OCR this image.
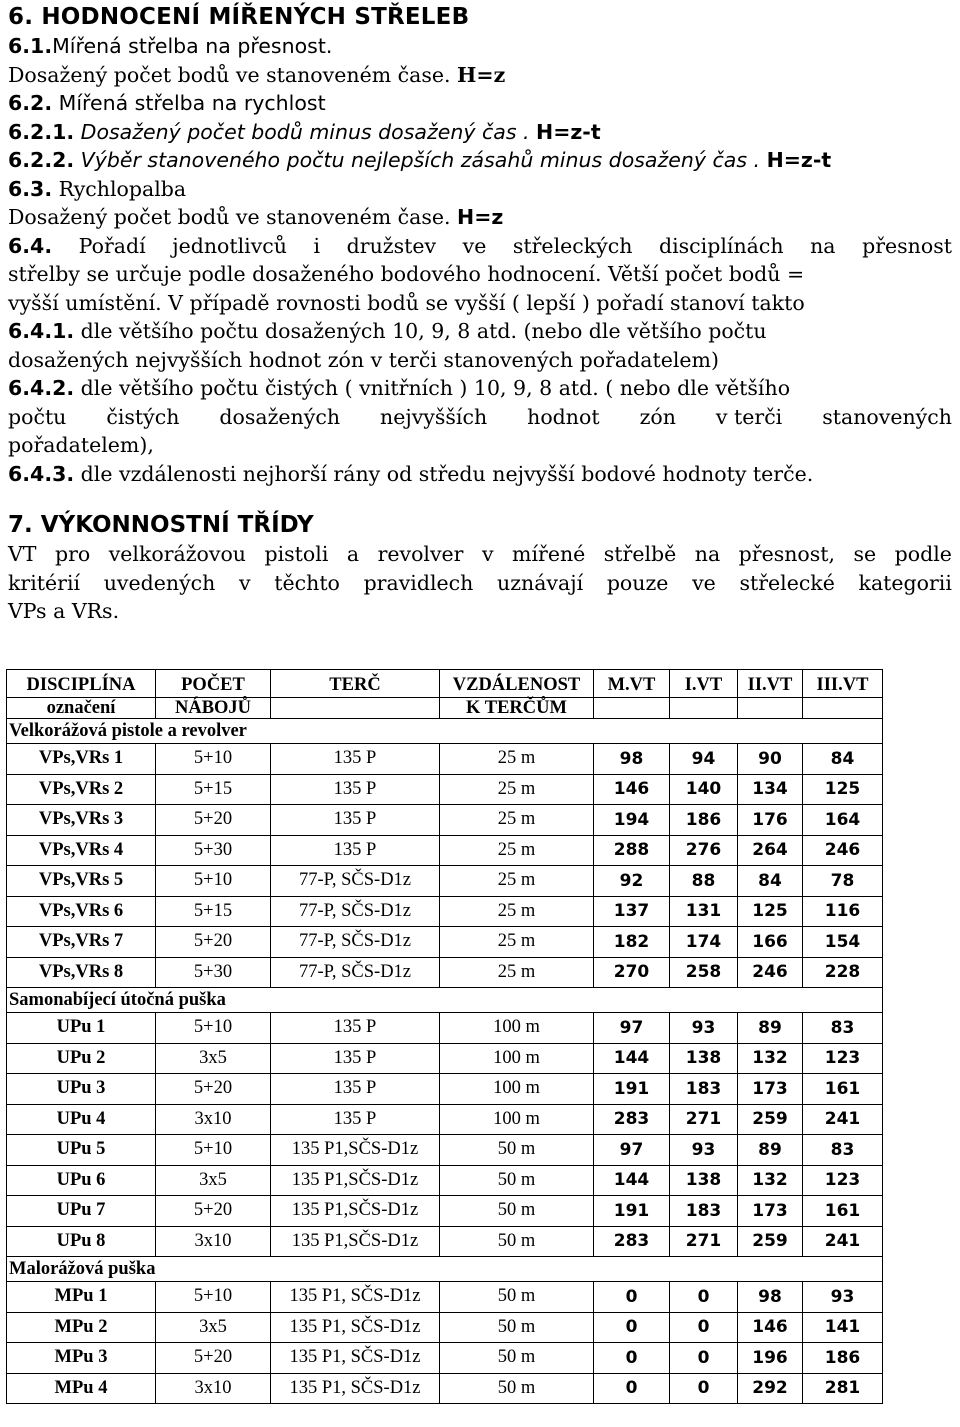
6. HODNOCENÍ MÍŘENÝCH STŘELEB
6.1.Mířená střelba na přesnost.
Dosažený počet bodů ve stanoveném čase. H=z
6.2. Mířená střelba na rychlost
6.2.1. Dosažený počet bodů minus dosažený čas . H=z-t
6.2.2. Výběr stanoveného počtu nejlepších zásahů minus dosažený čas . H=z-t
6.3. Rychlopalba
Dosažený počet bodů ve stanoveném čase. H=z
6.4. Pořadí jednotlivců i družstev ve střeleckých disciplínách na přesnost
střelby se určuje podle dosaženého bodového hodnocení. Větší počet bodů =
vyšší umístění. V případě rovnosti bodů se vyšší ( lepší ) pořadí stanoví takto
6.4.1. dle většího počtu dosažených 10, 9, 8 atd. (nebo dle většího počtu
dosažených nejvyšších hodnot zón v terči stanovených pořadatelem)
6.4.2. dle většího počtu čistých ( vnitřních ) 10, 9, 8 atd. ( nebo dle většího
počtu čistých dosažených nejvyšších hodnot zón v terči stanovených
pořadatelem),
6.4.3. dle vzdálenosti nejhorší rány od středu nejvyšší bodové hodnoty terče.
7. VÝKONNOSTNÍ TŘÍDY
VT pro velkorážovou pistoli a revolver v mířené střelbě na přesnost, se podle
kritérií uvedených v těchto pravidlech uznávají pouze ve střelecké kategorii
VPs a VRs.
DISCIPLÍNA	POČET	TERČ	VZDÁLENOST	M.VT	I.VT	II.VT	III.VT
označení	NÁBOJŮ		K TERČŮM				
Velkorážová pistole a revolver							
VPs,VRs 1	5+10	135 P	25 m	98	94	90	84
VPs,VRs 2	5+15	135 P	25 m	146	140	134	125
VPs,VRs 3	5+20	135 P	25 m	194	186	176	164
VPs,VRs 4	5+30	135 P	25 m	288	276	264	246
VPs,VRs 5	5+10	77-P, SČS-D1z	25 m	92	88	84	78
VPs,VRs 6	5+15	77-P, SČS-D1z	25 m	137	131	125	116
VPs,VRs 7	5+20	77-P, SČS-D1z	25 m	182	174	166	154
VPs,VRs 8	5+30	77-P, SČS-D1z	25 m	270	258	246	228
Samonabíjecí útočná puška							
UPu 1	5+10	135 P	100 m	97	93	89	83
UPu 2	3x5	135 P	100 m	144	138	132	123
UPu 3	5+20	135 P	100 m	191	183	173	161
UPu 4	3x10	135 P	100 m	283	271	259	241
UPu 5	5+10	135 P1,SČS-D1z	50 m	97	93	89	83
UPu 6	3x5	135 P1,SČS-D1z	50 m	144	138	132	123
UPu 7	5+20	135 P1,SČS-D1z	50 m	191	183	173	161
UPu 8	3x10	135 P1,SČS-D1z	50 m	283	271	259	241
Malorážová puška							
MPu 1	5+10	135 P1, SČS-D1z	50 m	0	0	98	93
MPu 2	3x5	135 P1, SČS-D1z	50 m	0	0	146	141
MPu 3	5+20	135 P1, SČS-D1z	50 m	0	0	196	186
MPu 4	3x10	135 P1, SČS-D1z	50 m	0	0	292	281
